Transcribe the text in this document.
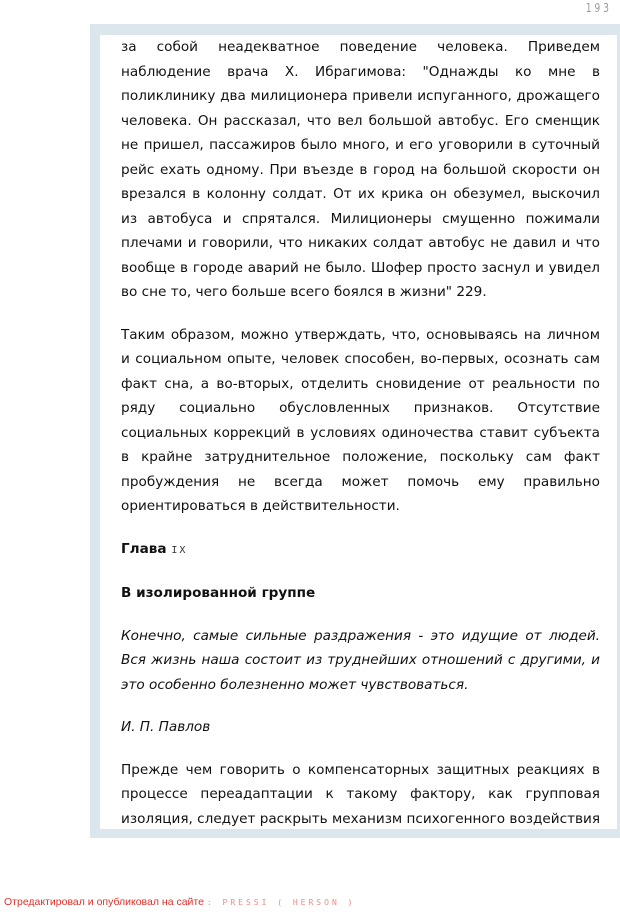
193

за собой неадекватное поведение человека. Приведем наблюдение врача Х. Ибрагимова: "Однажды ко мне в поликлинику два милиционера привели испуганного, дрожащего человека. Он рассказал, что вел большой автобус. Его сменщик не пришел, пассажиров было много, и его уговорили в суточный рейс ехать одному. При въезде в город на большой скорости он врезался в колонну солдат. От их крика он обезумел, выскочил из автобуса и спрятался. Милиционеры смущенно пожимали плечами и говорили, что никаких солдат автобус не давил и что вообще в городе аварий не было. Шофер просто заснул и увидел во сне то, чего больше всего боялся в жизни" 229.

Таким образом, можно утверждать, что, основываясь на личном и социальном опыте, человек способен, во-первых, осознать сам факт сна, а во-вторых, отделить сновидение от реальности по ряду социально обусловленных признаков. Отсутствие социальных коррекций в условиях одиночества ставит субъекта в крайне затруднительное положение, поскольку сам факт пробуждения не всегда может помочь ему правильно ориентироваться в действительности.

Глава IX

В изолированной группе

Конечно, самые сильные раздражения - это идущие от людей. Вся жизнь наша состоит из труднейших отношений с другими, и это особенно болезненно может чувствоваться.

И. П. Павлов

Прежде чем говорить о компенсаторных защитных реакциях в процессе переадаптации к такому фактору, как групповая изоляция, следует раскрыть механизм психогенного воздействия

Отредактировал и опубликовал на сайте : PRESSI ( HERSON )
